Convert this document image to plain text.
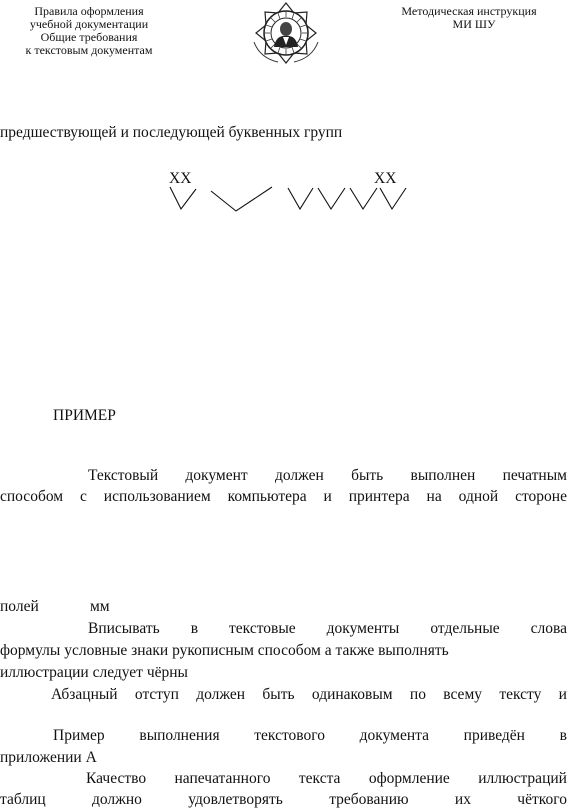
Правила оформления
учебной документации
Общие требования
к текстовым документам
Методическая инструкция
МИ ШУ
предшествующей и последующей буквенных групп
XX	XX
ПРИМЕР
Текстовый документ должен быть выполнен печатным
способом с использованием компьютера и принтера на одной стороне
полей	мм
Вписывать в текстовые документы отдельные слова
формулы условные знаки рукописным способом а также выполнять
иллюстрации следует чёрны
Абзацный отступ должен быть одинаковым по всему тексту и
Пример выполнения текстового документа приведён в
приложении А
Качество напечатанного текста оформление иллюстраций
таблиц	должно	удовлетворять	требованию	их	чёткого
